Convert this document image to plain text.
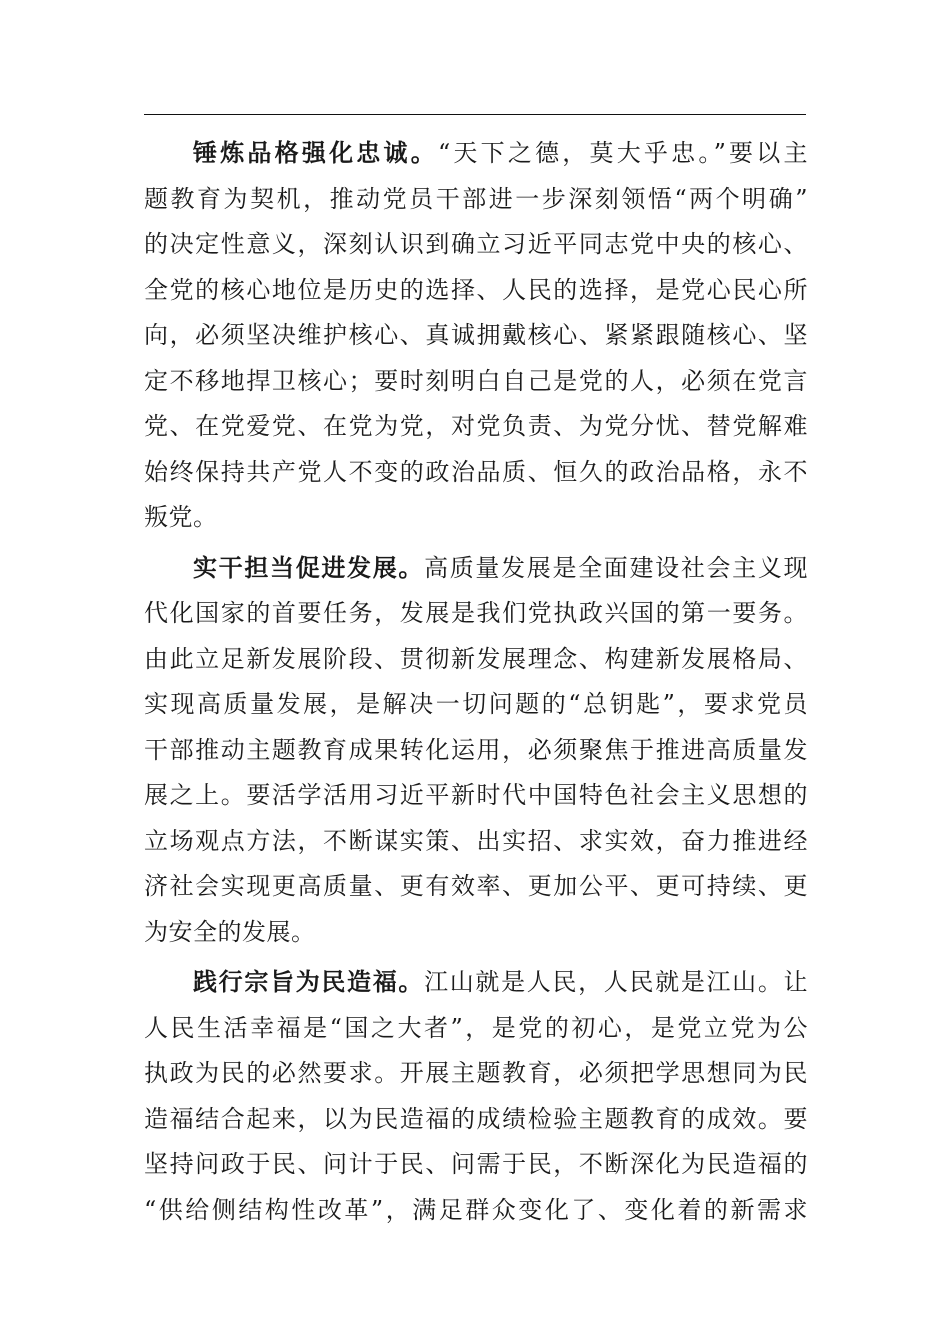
锤炼品格强化忠诚。“天下之德，莫大乎忠。”要以主
题教育为契机，推动党员干部进一步深刻领悟“两个明确”
的决定性意义，深刻认识到确立习近平同志党中央的核心、
全党的核心地位是历史的选择、人民的选择，是党心民心所
向，必须坚决维护核心、真诚拥戴核心、紧紧跟随核心、坚
定不移地捍卫核心；要时刻明白自己是党的人，必须在党言
党、在党爱党、在党为党，对党负责、为党分忧、替党解难
始终保持共产党人不变的政治品质、恒久的政治品格，永不
叛党。
实干担当促进发展。高质量发展是全面建设社会主义现
代化国家的首要任务，发展是我们党执政兴国的第一要务。
由此立足新发展阶段、贯彻新发展理念、构建新发展格局、
实现高质量发展，是解决一切问题的“总钥匙”，要求党员
干部推动主题教育成果转化运用，必须聚焦于推进高质量发
展之上。要活学活用习近平新时代中国特色社会主义思想的
立场观点方法，不断谋实策、出实招、求实效，奋力推进经
济社会实现更高质量、更有效率、更加公平、更可持续、更
为安全的发展。
践行宗旨为民造福。江山就是人民，人民就是江山。让
人民生活幸福是“国之大者”，是党的初心，是党立党为公
执政为民的必然要求。开展主题教育，必须把学思想同为民
造福结合起来，以为民造福的成绩检验主题教育的成效。要
坚持问政于民、问计于民、问需于民，不断深化为民造福的
“供给侧结构性改革”，满足群众变化了、变化着的新需求
